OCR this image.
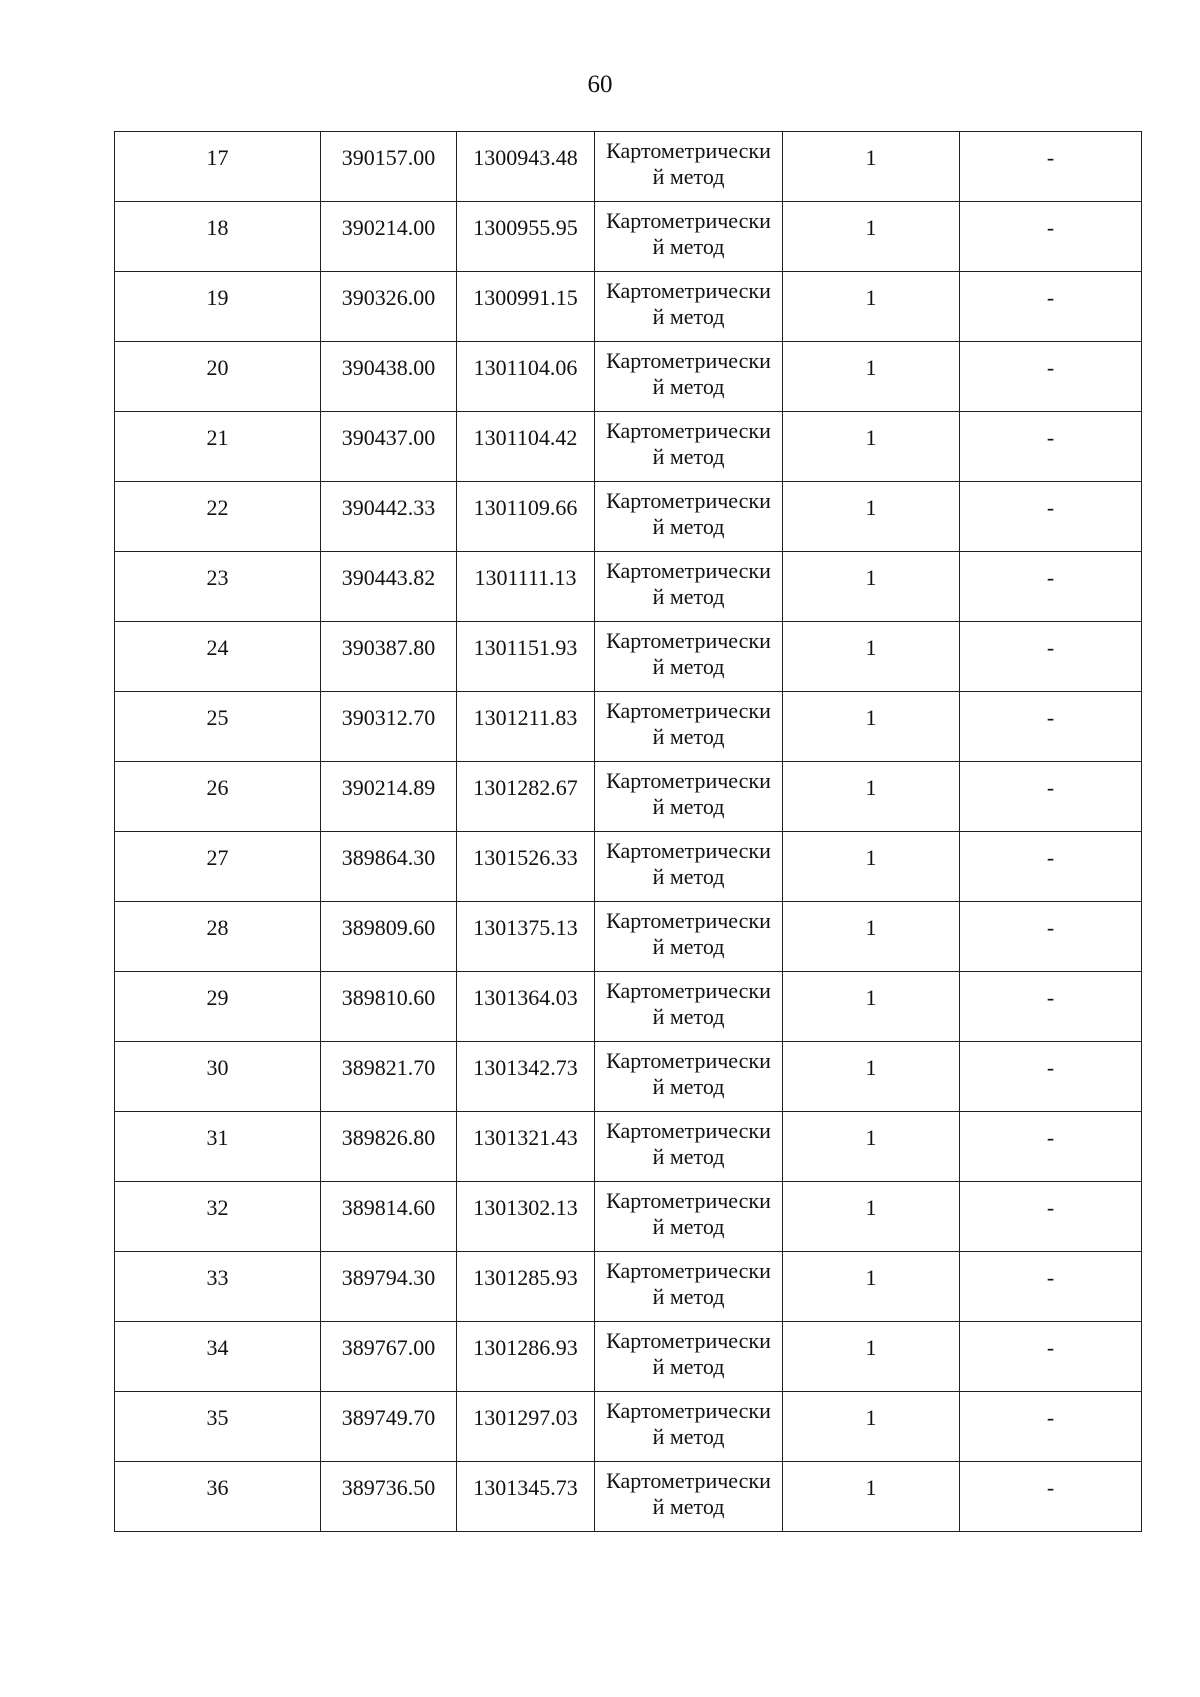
60
17	390157.00	1300943.48	Картометрически
й метод	1	-

18	390214.00	1300955.95	Картометрически
й метод	1	-

19	390326.00	1300991.15	Картометрически
й метод	1	-

20	390438.00	1301104.06	Картометрически
й метод	1	-

21	390437.00	1301104.42	Картометрически
й метод	1	-

22	390442.33	1301109.66	Картометрически
й метод	1	-

23	390443.82	1301111.13	Картометрически
й метод	1	-

24	390387.80	1301151.93	Картометрически
й метод	1	-

25	390312.70	1301211.83	Картометрически
й метод	1	-

26	390214.89	1301282.67	Картометрически
й метод	1	-

27	389864.30	1301526.33	Картометрически
й метод	1	-

28	389809.60	1301375.13	Картометрически
й метод	1	-

29	389810.60	1301364.03	Картометрически
й метод	1	-

30	389821.70	1301342.73	Картометрически
й метод	1	-

31	389826.80	1301321.43	Картометрически
й метод	1	-

32	389814.60	1301302.13	Картометрически
й метод	1	-

33	389794.30	1301285.93	Картометрически
й метод	1	-

34	389767.00	1301286.93	Картометрически
й метод	1	-

35	389749.70	1301297.03	Картометрически
й метод	1	-

36	389736.50	1301345.73	Картометрически
й метод	1	-
